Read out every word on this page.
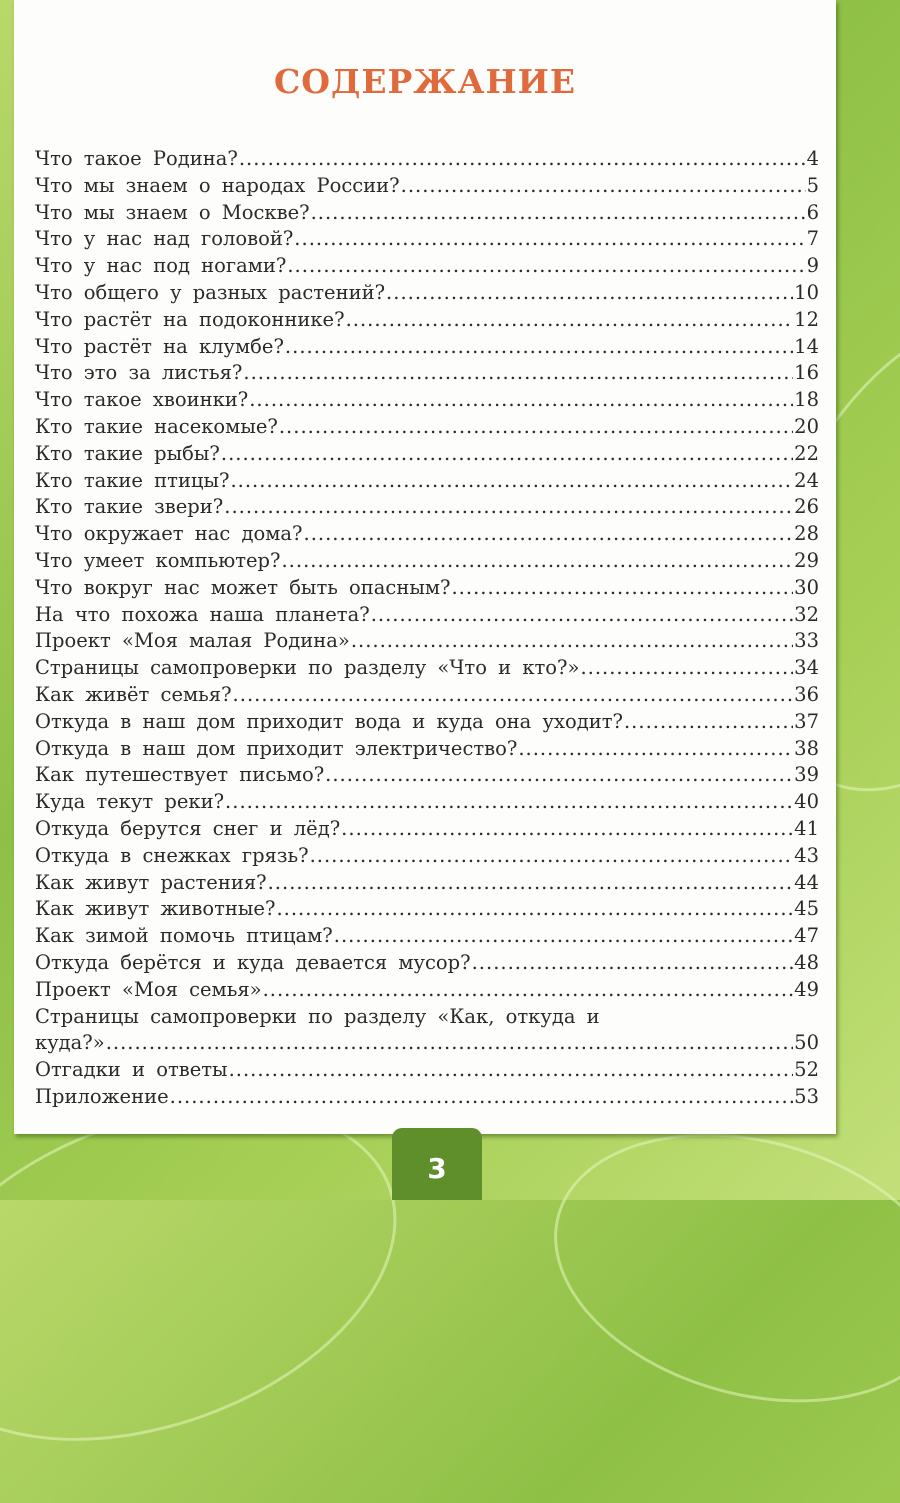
СОДЕРЖАНИЕ
Что такое Родина? .....	4
Что мы знаем о народах России? .....	5
Что мы знаем о Москве? .....	6
Что у нас над головой? .....	7
Что у нас под ногами? .....	9
Что общего у разных растений? .....	10
Что растёт на подоконнике? .....	12
Что растёт на клумбе? .....	14
Что это за листья? .....	16
Что такое хвоинки? .....	18
Кто такие насекомые? .....	20
Кто такие рыбы? .....	22
Кто такие птицы? .....	24
Кто такие звери? .....	26
Что окружает нас дома? .....	28
Что умеет компьютер? .....	29
Что вокруг нас может быть опасным? .....	30
На что похожа наша планета? .....	32
Проект «Моя малая Родина» .....	33
Страницы самопроверки по разделу «Что и кто?» .....	34
Как живёт семья? .....	36
Откуда в наш дом приходит вода и куда она уходит? .....	37
Откуда в наш дом приходит электричество? .....	38
Как путешествует письмо? .....	39
Куда текут реки? .....	40
Откуда берутся снег и лёд? .....	41
Откуда в снежках грязь? .....	43
Как живут растения? .....	44
Как живут животные? .....	45
Как зимой помочь птицам? .....	47
Откуда берётся и куда девается мусор? .....	48
Проект «Моя семья» .....	49
Страницы самопроверки по разделу «Как, откуда и
куда?» .....	50
Отгадки и ответы .....	52
Приложение .....	53
3
